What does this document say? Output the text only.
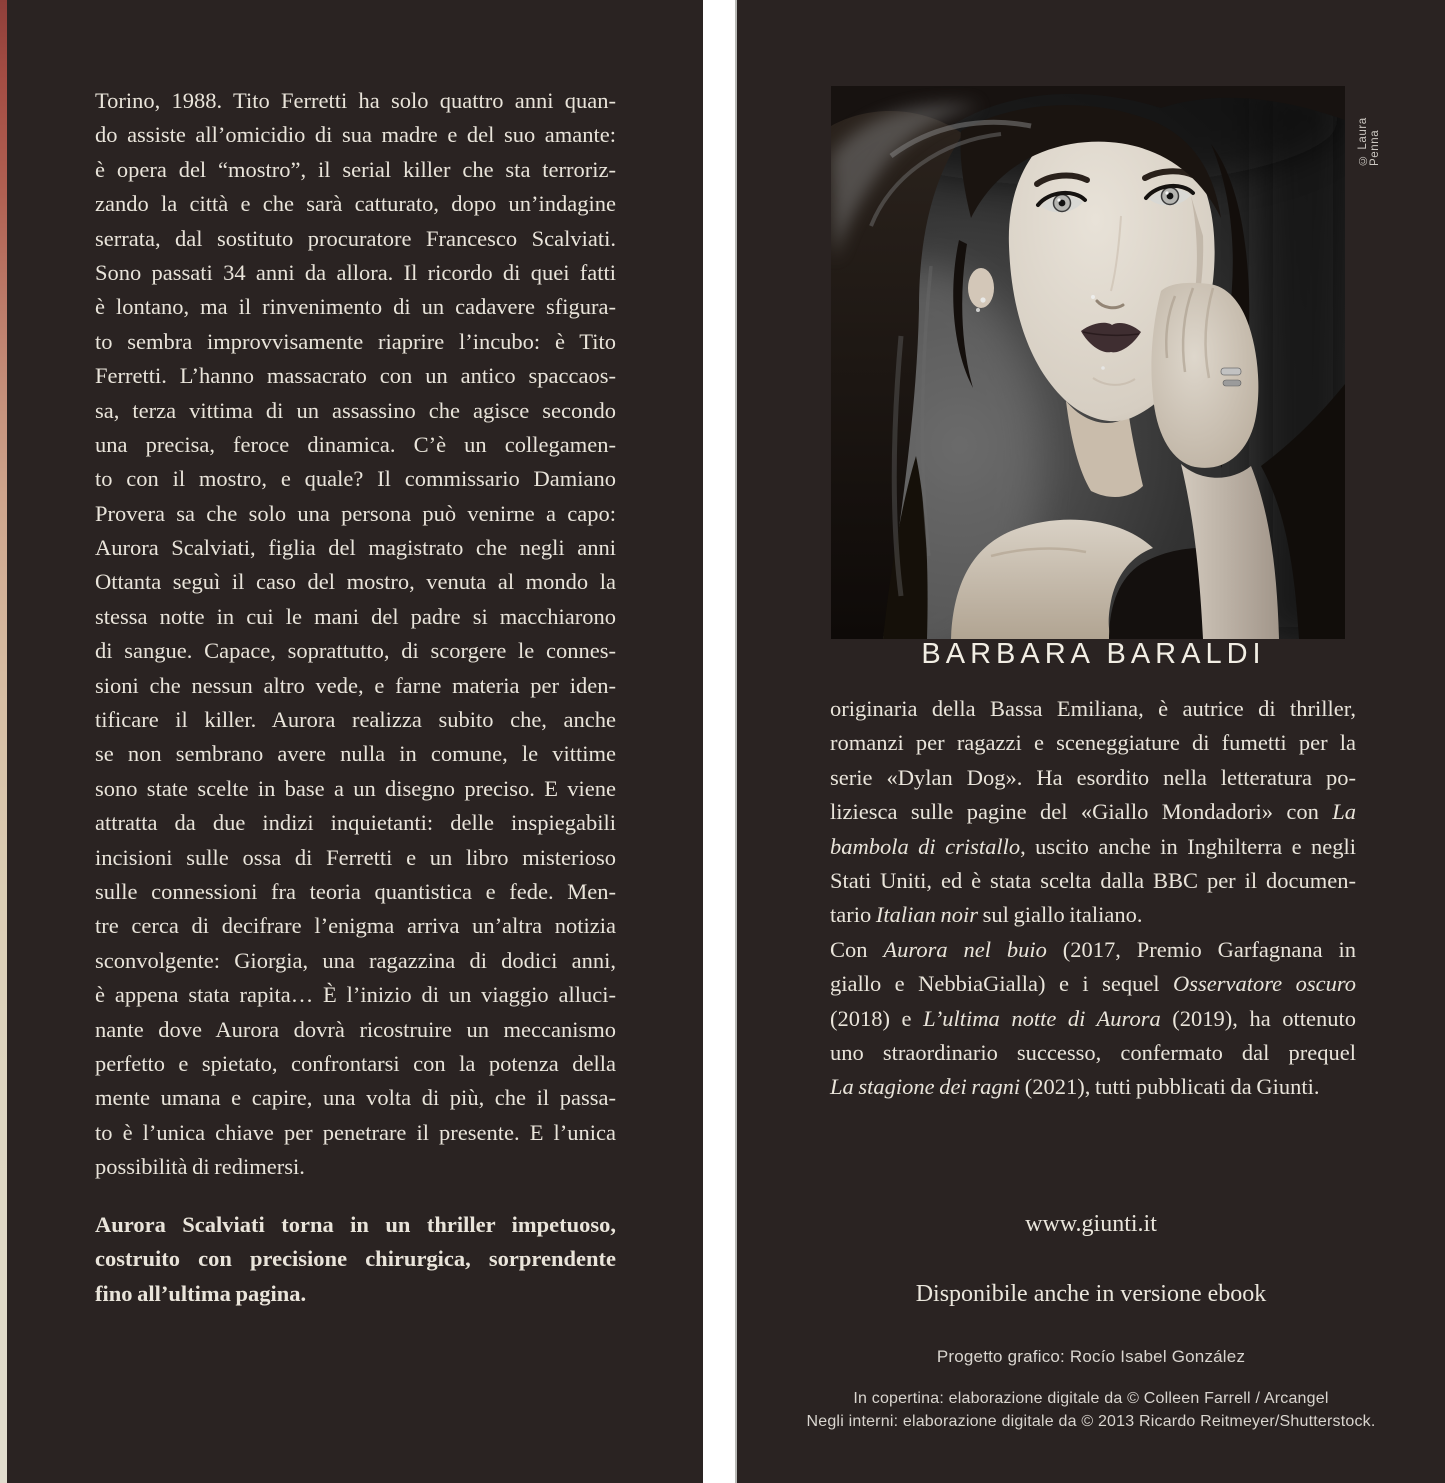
Torino, 1988. Tito Ferretti ha solo quattro anni quan-
do assiste all’omicidio di sua madre e del suo amante:
è opera del “mostro”, il serial killer che sta terroriz-
zando la città e che sarà catturato, dopo un’indagine
serrata, dal sostituto procuratore Francesco Scalviati.
Sono passati 34 anni da allora. Il ricordo di quei fatti
è lontano, ma il rinvenimento di un cadavere sfigura-
to sembra improvvisamente riaprire l’incubo: è Tito
Ferretti. L’hanno massacrato con un antico spaccaos-
sa, terza vittima di un assassino che agisce secondo
una precisa, feroce dinamica. C’è un collegamen-
to con il mostro, e quale? Il commissario Damiano
Provera sa che solo una persona può venirne a capo:
Aurora Scalviati, figlia del magistrato che negli anni
Ottanta seguì il caso del mostro, venuta al mondo la
stessa notte in cui le mani del padre si macchiarono
di sangue. Capace, soprattutto, di scorgere le connes-
sioni che nessun altro vede, e farne materia per iden-
tificare il killer. Aurora realizza subito che, anche
se non sembrano avere nulla in comune, le vittime
sono state scelte in base a un disegno preciso. E viene
attratta da due indizi inquietanti: delle inspiegabili
incisioni sulle ossa di Ferretti e un libro misterioso
sulle connessioni fra teoria quantistica e fede. Men-
tre cerca di decifrare l’enigma arriva un’altra notizia
sconvolgente: Giorgia, una ragazzina di dodici anni,
è appena stata rapita… È l’inizio di un viaggio alluci-
nante dove Aurora dovrà ricostruire un meccanismo
perfetto e spietato, confrontarsi con la potenza della
mente umana e capire, una volta di più, che il passa-
to è l’unica chiave per penetrare il presente. E l’unica
possibilità di redimersi.
Aurora Scalviati torna in un thriller impetuoso,
costruito con precisione chirurgica, sorprendente
fino all’ultima pagina.
© Laura Penna
BARBARA BARALDI
originaria della Bassa Emiliana, è autrice di thriller,
romanzi per ragazzi e sceneggiature di fumetti per la
serie «Dylan Dog». Ha esordito nella letteratura po-
liziesca sulle pagine del «Giallo Mondadori» con La
bambola di cristallo, uscito anche in Inghilterra e negli
Stati Uniti, ed è stata scelta dalla BBC per il documen-
tario Italian noir sul giallo italiano.
Con Aurora nel buio (2017, Premio Garfagnana in
giallo e NebbiaGialla) e i sequel Osservatore oscuro
(2018) e L’ultima notte di Aurora (2019), ha ottenuto
uno straordinario successo, confermato dal prequel
La stagione dei ragni (2021), tutti pubblicati da Giunti.
www.giunti.it
Disponibile anche in versione ebook
Progetto grafico: Rocío Isabel González
In copertina: elaborazione digitale da © Colleen Farrell / Arcangel
Negli interni: elaborazione digitale da © 2013 Ricardo Reitmeyer/Shutterstock.
